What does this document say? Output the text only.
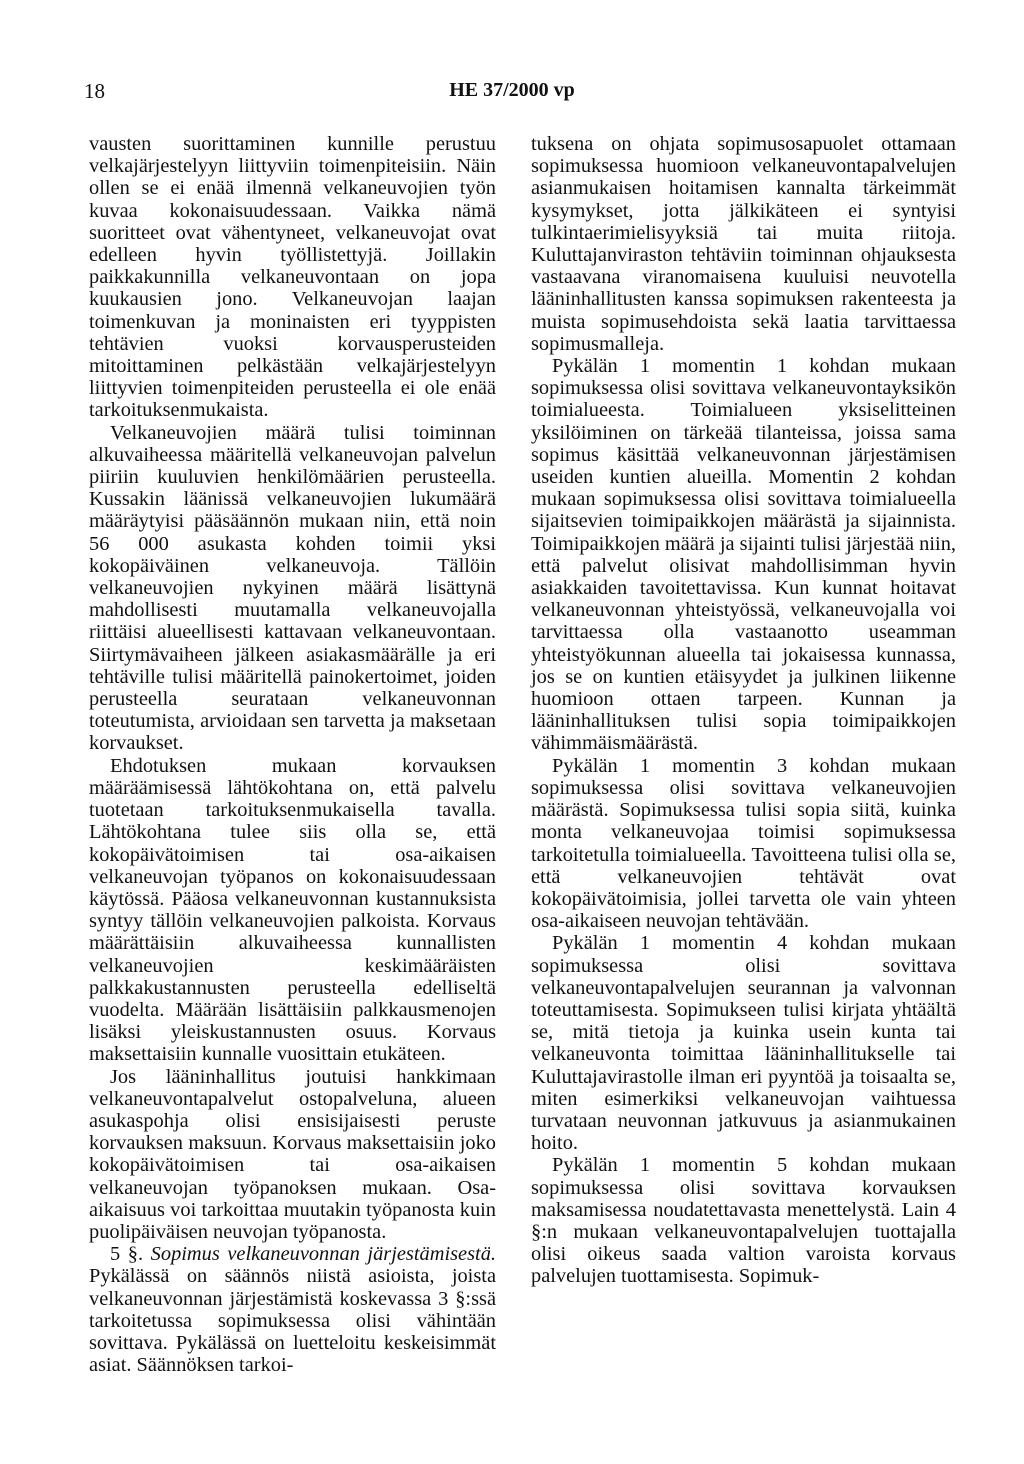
18	HE 37/2000 vp

vausten suorittaminen kunnille perustuu velkajärjestelyyn liittyviin toimenpiteisiin. Näin ollen se ei enää ilmennä velkaneuvojien työn kuvaa kokonaisuudessaan. Vaikka nämä suoritteet ovat vähentyneet, velkaneuvojat ovat edelleen hyvin työllistettyjä. Joillakin paikkakunnilla velkaneuvontaan on jopa kuukausien jono. Velkaneuvojan laajan toimenkuvan ja moninaisten eri tyyppisten tehtävien vuoksi korvausperusteiden mitoittaminen pelkästään velkajärjestelyyn liittyvien toimenpiteiden perusteella ei ole enää tarkoituksenmukaista.

Velkaneuvojien määrä tulisi toiminnan alkuvaiheessa määritellä velkaneuvojan palvelun piiriin kuuluvien henkilömäärien perusteella. Kussakin läänissä velkaneuvojien lukumäärä määräytyisi pääsäännön mukaan niin, että noin 56 000 asukasta kohden toimii yksi kokopäiväinen velkaneuvoja. Tällöin velkaneuvojien nykyinen määrä lisättynä mahdollisesti muutamalla velkaneuvojalla riittäisi alueellisesti kattavaan velkaneuvontaan. Siirtymävaiheen jälkeen asiakasmäärälle ja eri tehtäville tulisi määritellä painokertoimet, joiden perusteella seurataan velkaneuvonnan toteutumista, arvioidaan sen tarvetta ja maksetaan korvaukset.

Ehdotuksen mukaan korvauksen määräämisessä lähtökohtana on, että palvelu tuotetaan tarkoituksenmukaisella tavalla. Lähtökohtana tulee siis olla se, että kokopäivätoimisen tai osa-aikaisen velkaneuvojan työpanos on kokonaisuudessaan käytössä. Pääosa velkaneuvonnan kustannuksista syntyy tällöin velkaneuvojien palkoista. Korvaus määrättäisiin alkuvaiheessa kunnallisten velkaneuvojien keskimääräisten palkkakustannusten perusteella edelliseltä vuodelta. Määrään lisättäisiin palkkausmenojen lisäksi yleiskustannusten osuus. Korvaus maksettaisiin kunnalle vuosittain etukäteen.

Jos lääninhallitus joutuisi hankkimaan velkaneuvontapalvelut ostopalveluna, alueen asukaspohja olisi ensisijaisesti peruste korvauksen maksuun. Korvaus maksettaisiin joko kokopäivätoimisen tai osa-aikaisen velkaneuvojan työpanoksen mukaan. Osa-aikaisuus voi tarkoittaa muutakin työpanosta kuin puolipäiväisen neuvojan työpanosta.

5 §. Sopimus velkaneuvonnan järjestämisestä. Pykälässä on säännös niistä asioista, joista velkaneuvonnan järjestämistä koskevassa 3 §:ssä tarkoitetussa sopimuksessa olisi vähintään sovittava. Pykälässä on luetteloitu keskeisimmät asiat. Säännöksen tarkoi-

tuksena on ohjata sopimusosapuolet ottamaan sopimuksessa huomioon velkaneuvontapalvelujen asianmukaisen hoitamisen kannalta tärkeimmät kysymykset, jotta jälkikäteen ei syntyisi tulkintaerimielisyyksiä tai muita riitoja. Kuluttajanviraston tehtäviin toiminnan ohjauksesta vastaavana viranomaisena kuuluisi neuvotella lääninhallitusten kanssa sopimuksen rakenteesta ja muista sopimusehdoista sekä laatia tarvittaessa sopimusmalleja.

Pykälän 1 momentin 1 kohdan mukaan sopimuksessa olisi sovittava velkaneuvontayksikön toimialueesta. Toimialueen yksiselitteinen yksilöiminen on tärkeää tilanteissa, joissa sama sopimus käsittää velkaneuvonnan järjestämisen useiden kuntien alueilla. Momentin 2 kohdan mukaan sopimuksessa olisi sovittava toimialueella sijaitsevien toimipaikkojen määrästä ja sijainnista. Toimipaikkojen määrä ja sijainti tulisi järjestää niin, että palvelut olisivat mahdollisimman hyvin asiakkaiden tavoitettavissa. Kun kunnat hoitavat velkaneuvonnan yhteistyössä, velkaneuvojalla voi tarvittaessa olla vastaanotto useamman yhteistyökunnan alueella tai jokaisessa kunnassa, jos se on kuntien etäisyydet ja julkinen liikenne huomioon ottaen tarpeen. Kunnan ja lääninhallituksen tulisi sopia toimipaikkojen vähimmäismäärästä.

Pykälän 1 momentin 3 kohdan mukaan sopimuksessa olisi sovittava velkaneuvojien määrästä. Sopimuksessa tulisi sopia siitä, kuinka monta velkaneuvojaa toimisi sopimuksessa tarkoitetulla toimialueella. Tavoitteena tulisi olla se, että velkaneuvojien tehtävät ovat kokopäivätoimisia, jollei tarvetta ole vain yhteen osa-aikaiseen neuvojan tehtävään.

Pykälän 1 momentin 4 kohdan mukaan sopimuksessa olisi sovittava velkaneuvontapalvelujen seurannan ja valvonnan toteuttamisesta. Sopimukseen tulisi kirjata yhtäältä se, mitä tietoja ja kuinka usein kunta tai velkaneuvonta toimittaa lääninhallitukselle tai Kuluttajavirastolle ilman eri pyyntöä ja toisaalta se, miten esimerkiksi velkaneuvojan vaihtuessa turvataan neuvonnan jatkuvuus ja asianmukainen hoito.

Pykälän 1 momentin 5 kohdan mukaan sopimuksessa olisi sovittava korvauksen maksamisessa noudatettavasta menettelystä. Lain 4 §:n mukaan velkaneuvontapalvelujen tuottajalla olisi oikeus saada valtion varoista korvaus palvelujen tuottamisesta. Sopimuk-
